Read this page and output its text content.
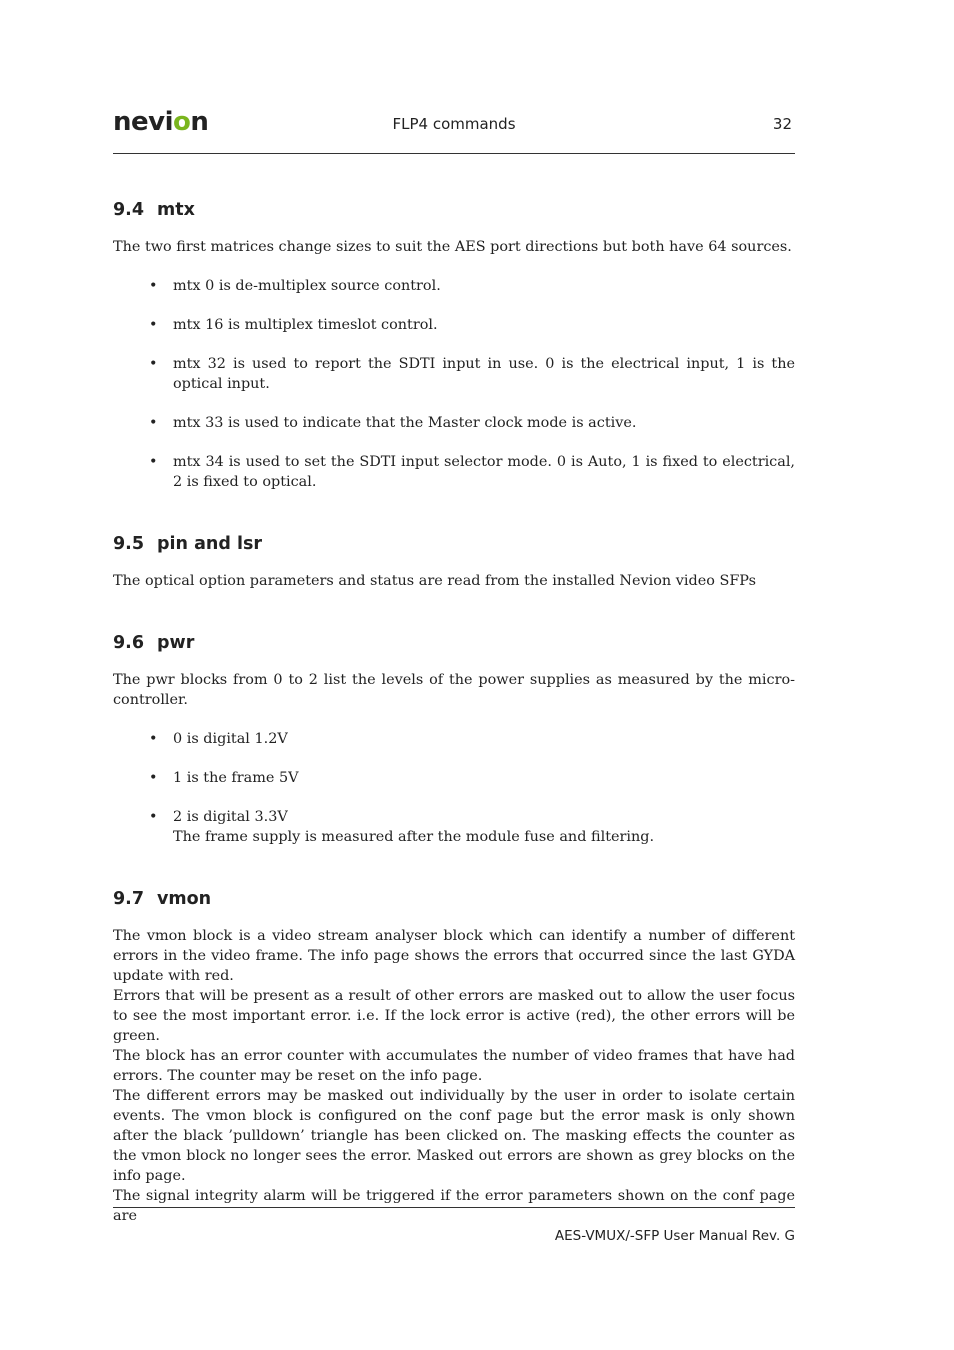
nevion	FLP4 commands	32
9.4 mtx

The two first matrices change sizes to suit the AES port directions but both have 64 sources.

• mtx 0 is de-multiplex source control.
• mtx 16 is multiplex timeslot control.
• mtx 32 is used to report the SDTI input in use. 0 is the electrical input, 1 is the optical input.
• mtx 33 is used to indicate that the Master clock mode is active.
• mtx 34 is used to set the SDTI input selector mode. 0 is Auto, 1 is fixed to electrical, 2 is fixed to optical.
9.5 pin and lsr

The optical option parameters and status are read from the installed Nevion video SFPs

9.6 pwr

The pwr blocks from 0 to 2 list the levels of the power supplies as measured by the micro-controller.

• 0 is digital 1.2V
• 1 is the frame 5V
• 2 is digital 3.3V
The frame supply is measured after the module fuse and filtering.
9.7 vmon

The vmon block is a video stream analyser block which can identify a number of different errors in the video frame. The info page shows the errors that occurred since the last GYDA update with red.

Errors that will be present as a result of other errors are masked out to allow the user focus to see the most important error. i.e. If the lock error is active (red), the other errors will be green.

The block has an error counter with accumulates the number of video frames that have had errors. The counter may be reset on the info page.

The different errors may be masked out individually by the user in order to isolate certain events. The vmon block is configured on the conf page but the error mask is only shown after the black ’pulldown’ triangle has been clicked on. The masking effects the counter as the vmon block no longer sees the error. Masked out errors are shown as grey blocks on the info page.

The signal integrity alarm will be triggered if the error parameters shown on the conf page are

AES-VMUX/-SFP User Manual Rev. G
